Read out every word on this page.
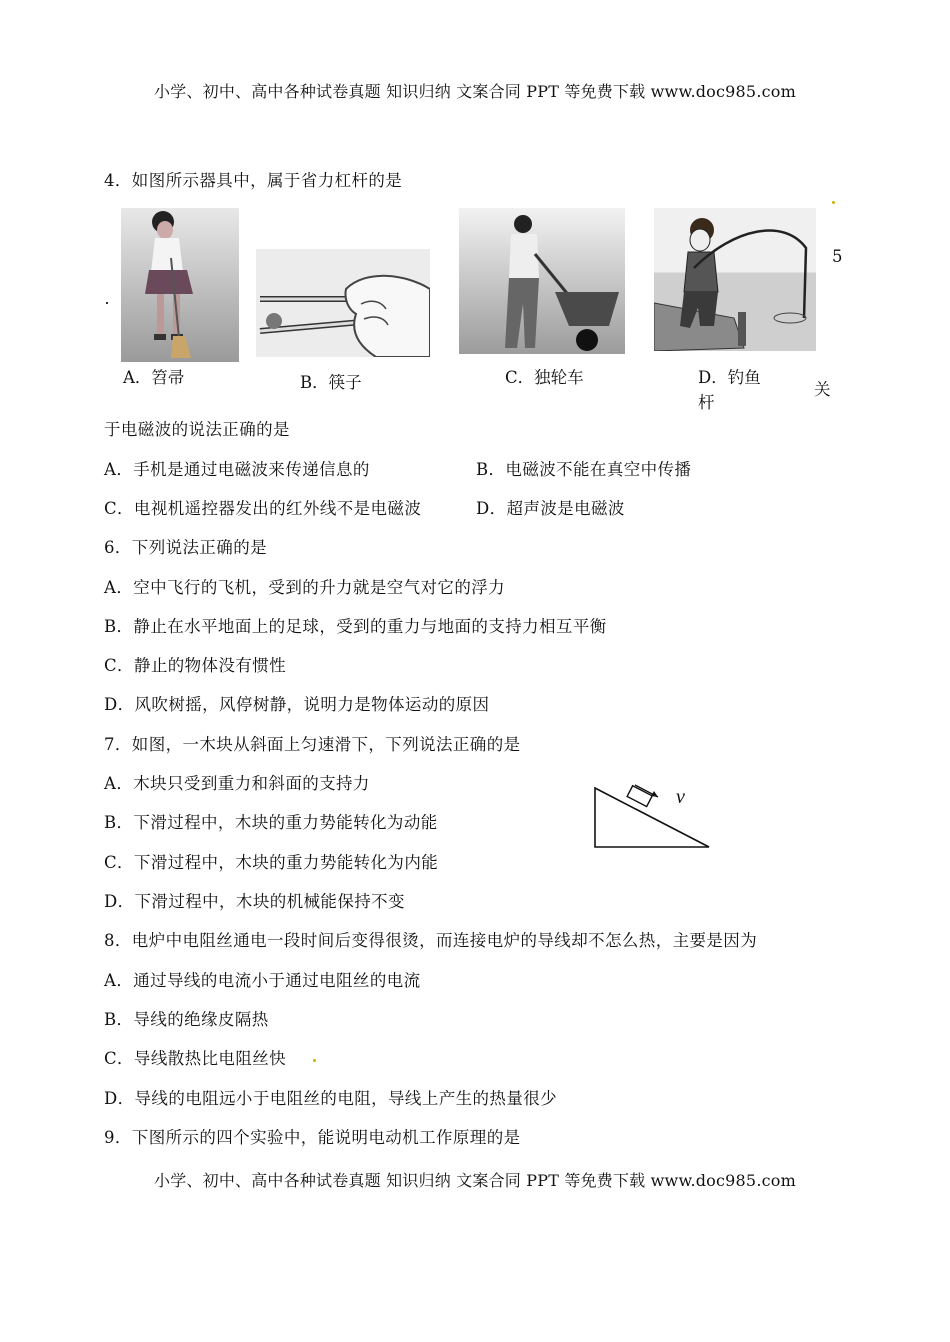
小学、初中、高中各种试卷真题 知识归纳 文案合同 PPT 等免费下载 www.doc985.com
4．如图所示器具中，属于省力杠杆的是
A．笤帚	B．筷子	C．独轮车	D．钓鱼
杆
5
关
于电磁波的说法正确的是
A．手机是通过电磁波来传递信息的	B．电磁波不能在真空中传播
C．电视机遥控器发出的红外线不是电磁波	D．超声波是电磁波
6．下列说法正确的是
A．空中飞行的飞机，受到的升力就是空气对它的浮力
B．静止在水平地面上的足球，受到的重力与地面的支持力相互平衡
C．静止的物体没有惯性
D．风吹树摇，风停树静，说明力是物体运动的原因
7．如图，一木块从斜面上匀速滑下，下列说法正确的是
A．木块只受到重力和斜面的支持力
B．下滑过程中，木块的重力势能转化为动能
C．下滑过程中，木块的重力势能转化为内能
D．下滑过程中，木块的机械能保持不变
v
8．电炉中电阻丝通电一段时间后变得很烫，而连接电炉的导线却不怎么热，主要是因为
A．通过导线的电流小于通过电阻丝的电流
B．导线的绝缘皮隔热
C．导线散热比电阻丝快
D．导线的电阻远小于电阻丝的电阻，导线上产生的热量很少
9．下图所示的四个实验中，能说明电动机工作原理的是
小学、初中、高中各种试卷真题 知识归纳 文案合同 PPT 等免费下载 www.doc985.com
